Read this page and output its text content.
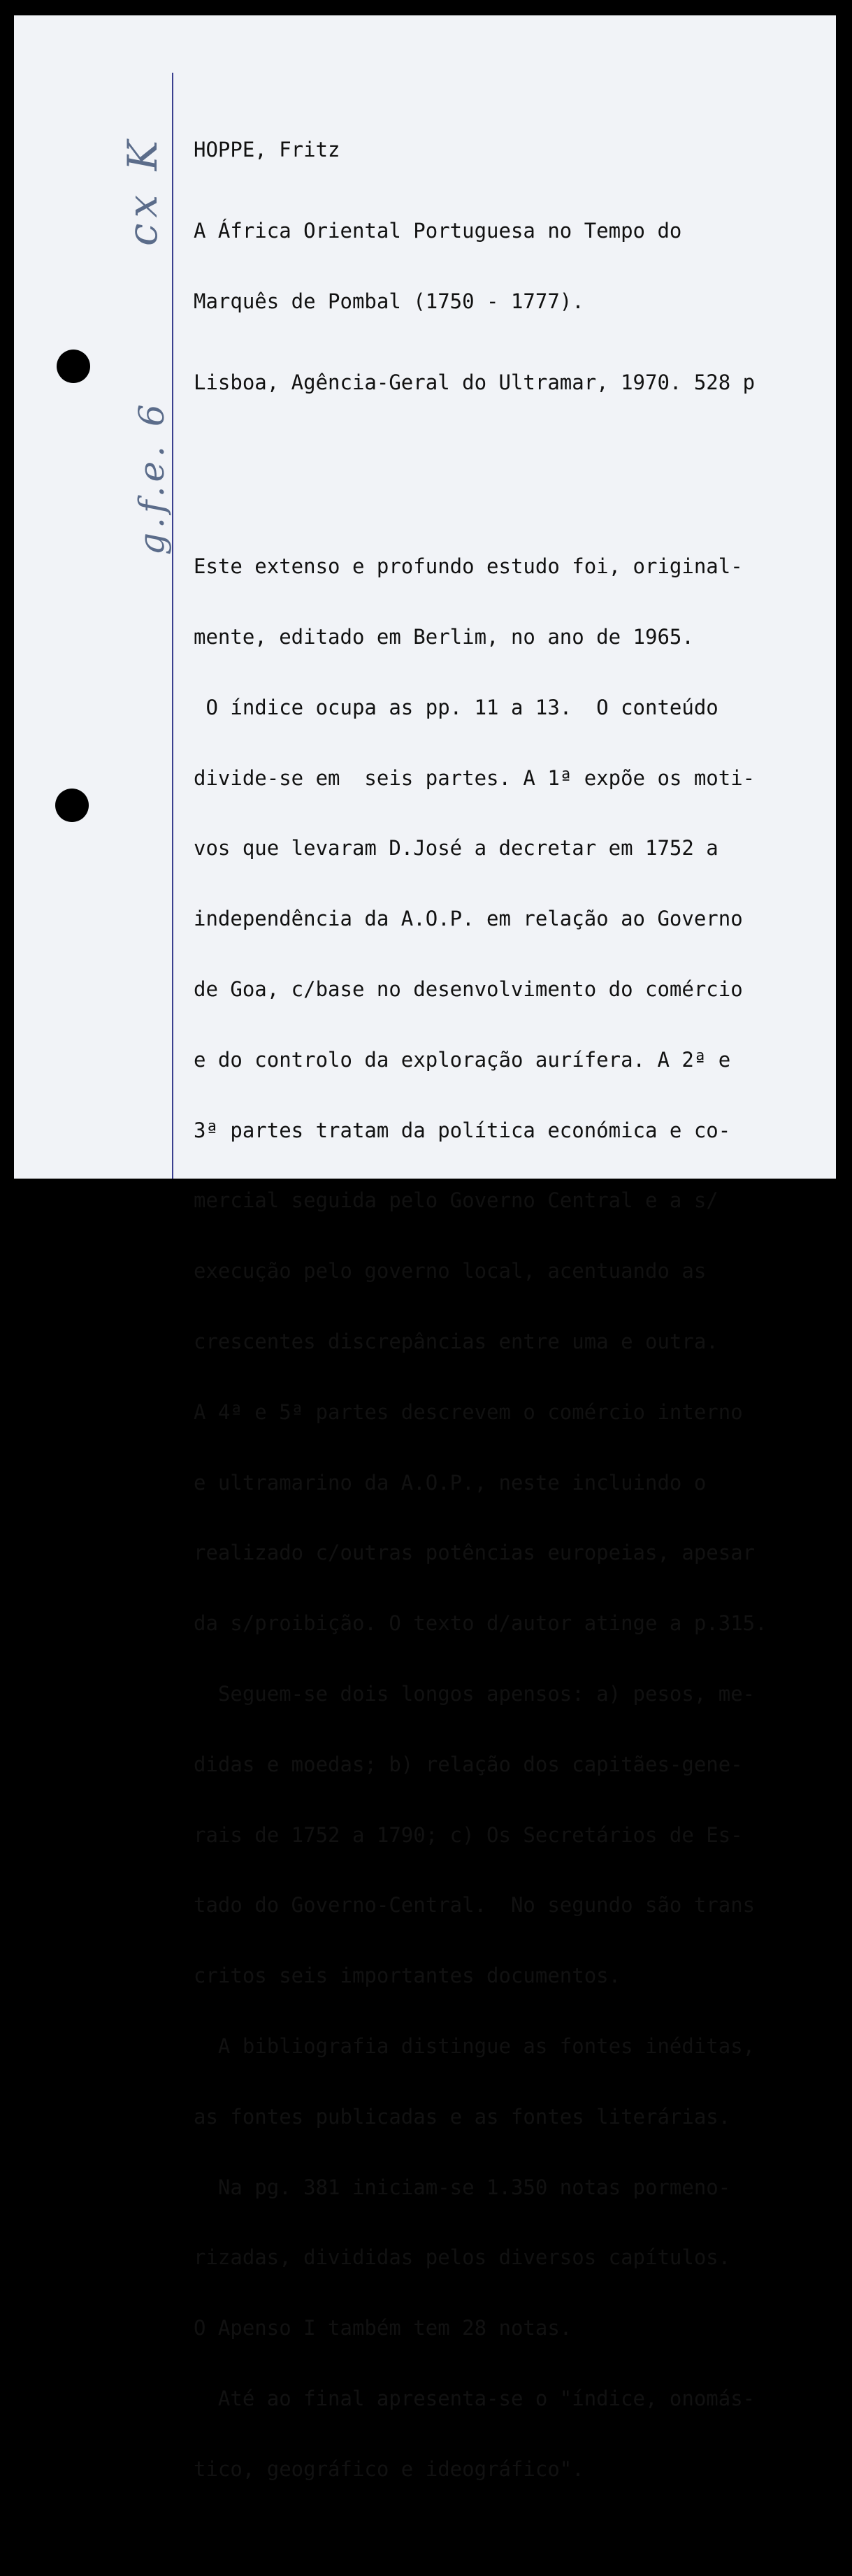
cx K
g.f.e. 6

HOPPE, Fritz

A África Oriental Portuguesa no Tempo do

Marquês de Pombal (1750 - 1777).

Lisboa, Agência-Geral do Ultramar, 1970. 528 p

Este extenso e profundo estudo foi, original-

mente, editado em Berlim, no ano de 1965.

O índice ocupa as pp. 11 a 13.  O conteúdo

divide-se em  seis partes. A 1ª expõe os moti-

vos que levaram D.José a decretar em 1752 a

independência da A.O.P. em relação ao Governo

de Goa, c/base no desenvolvimento do comércio

e do controlo da exploração aurífera. A 2ª e

3ª partes tratam da política económica e co-

mercial seguida pelo Governo Central e a s/

execução pelo governo local, acentuando as

crescentes discrepâncias entre uma e outra.

A 4ª e 5ª partes descrevem o comércio interno

e ultramarino da A.O.P., neste incluindo o

realizado c/outras potências europeias, apesar

da s/proibição. O texto d/autor atinge a p.315.

Seguem-se dois longos apensos: a) pesos, me-

didas e moedas; b) relação dos capitães-gene-

rais de 1752 a 1790; c) Os Secretários de Es-

tado do Governo-Central.  No segundo são trans

critos seis importantes documentos.

A bibliografia distingue as fontes inéditas,

as fontes publicadas e as fontes literárias.

Na pg. 381 iniciam-se 1.350 notas pormeno-

rizadas, divididas pelos diversos capítulos.

O Apenso I também tem 28 notas.

Até ao final apresenta-se o "índice, onomás-

tico, geográfico e ideográfico".
